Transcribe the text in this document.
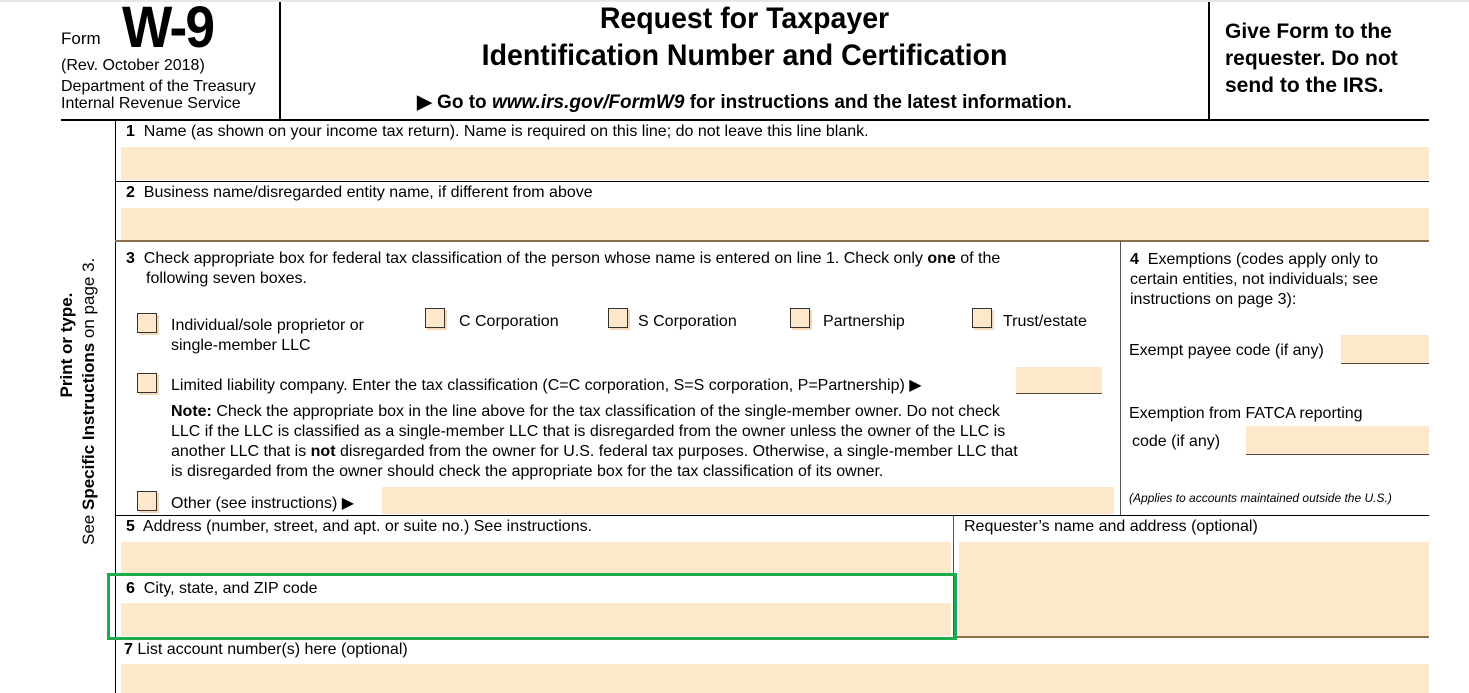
Form W-9
(Rev. October 2018)
Department of the Treasury
Internal Revenue Service
Request for Taxpayer
Identification Number and Certification
▶ Go to www.irs.gov/FormW9 for instructions and the latest information.
Give Form to the
requester. Do not
send to the IRS.
Print or type.
See Specific Instructions on page 3.
1 Name (as shown on your income tax return). Name is required on this line; do not leave this line blank.
2 Business name/disregarded entity name, if different from above
3 Check appropriate box for federal tax classification of the person whose name is entered on line 1. Check only one of the
following seven boxes.
Individual/sole proprietor or
single-member LLC
C Corporation	S Corporation	Partnership	Trust/estate
Limited liability company. Enter the tax classification (C=C corporation, S=S corporation, P=Partnership) ▶
Note: Check the appropriate box in the line above for the tax classification of the single-member owner. Do not check
LLC if the LLC is classified as a single-member LLC that is disregarded from the owner unless the owner of the LLC is
another LLC that is not disregarded from the owner for U.S. federal tax purposes. Otherwise, a single-member LLC that
is disregarded from the owner should check the appropriate box for the tax classification of its owner.
Other (see instructions) ▶
4 Exemptions (codes apply only to
certain entities, not individuals; see
instructions on page 3):
Exempt payee code (if any)
Exemption from FATCA reporting
code (if any)
(Applies to accounts maintained outside the U.S.)
5 Address (number, street, and apt. or suite no.) See instructions.	Requester’s name and address (optional)
6 City, state, and ZIP code
7 List account number(s) here (optional)
